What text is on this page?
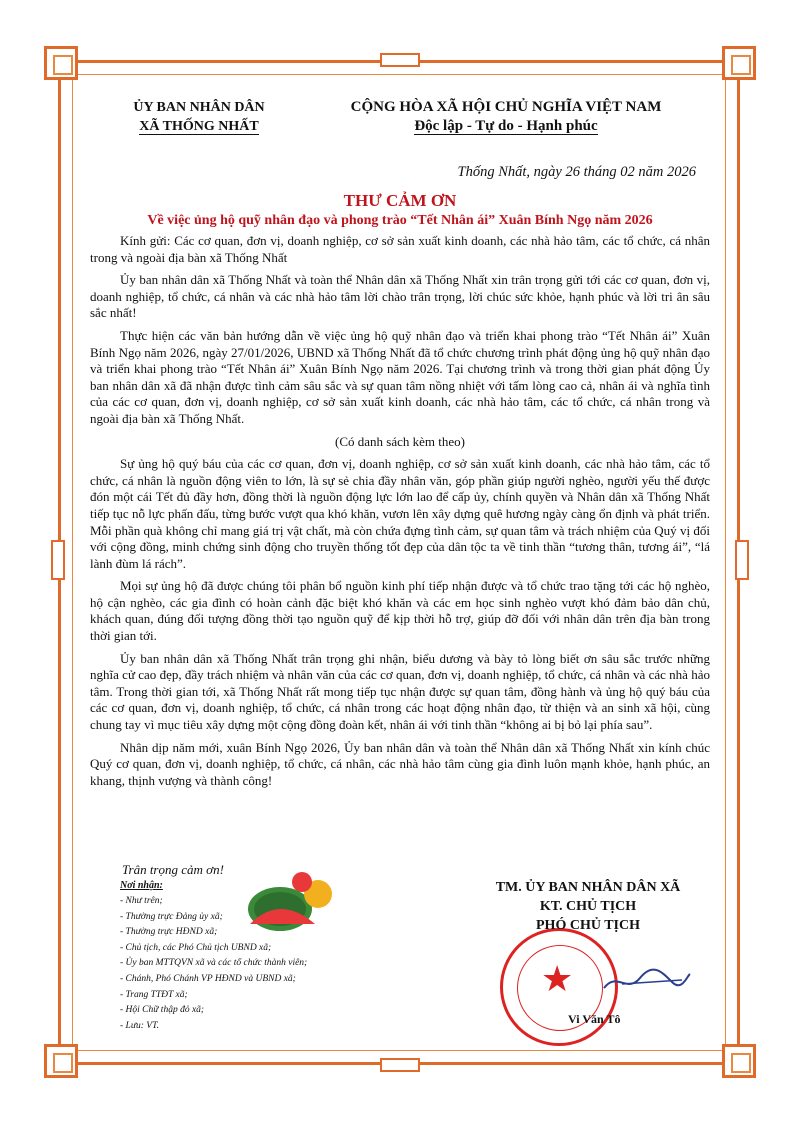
ỦY BAN NHÂN DÂN
XÃ THỐNG NHẤT
CỘNG HÒA XÃ HỘI CHỦ NGHĨA VIỆT NAM
Độc lập - Tự do - Hạnh phúc
Thống Nhất, ngày 26 tháng 02 năm 2026
THƯ CẢM ƠN
Về việc ủng hộ quỹ nhân đạo và phong trào “Tết Nhân ái” Xuân Bính Ngọ năm 2026

Kính gửi: Các cơ quan, đơn vị, doanh nghiệp, cơ sở sản xuất kinh doanh, các nhà hảo tâm, các tổ chức, cá nhân trong và ngoài địa bàn xã Thống Nhất

Ủy ban nhân dân xã Thống Nhất và toàn thể Nhân dân xã Thống Nhất xin trân trọng gửi tới các cơ quan, đơn vị, doanh nghiệp, tổ chức, cá nhân và các nhà hảo tâm lời chào trân trọng, lời chúc sức khỏe, hạnh phúc và lời tri ân sâu sắc nhất!

Thực hiện các văn bản hướng dẫn về việc ủng hộ quỹ nhân đạo và triển khai phong trào “Tết Nhân ái” Xuân Bính Ngọ năm 2026, ngày 27/01/2026, UBND xã Thống Nhất đã tổ chức chương trình phát động ủng hộ quỹ nhân đạo và triển khai phong trào “Tết Nhân ái” Xuân Bính Ngọ năm 2026. Tại chương trình và trong thời gian phát động Ủy ban nhân dân xã đã nhận được tình cảm sâu sắc và sự quan tâm nồng nhiệt với tấm lòng cao cả, nhân ái và nghĩa tình của các cơ quan, đơn vị, doanh nghiệp, cơ sở sản xuất kinh doanh, các nhà hảo tâm, các tổ chức, cá nhân trong và ngoài địa bàn xã Thống Nhất.

(Có danh sách kèm theo)

Sự ủng hộ quý báu của các cơ quan, đơn vị, doanh nghiệp, cơ sở sản xuất kinh doanh, các nhà hảo tâm, các tổ chức, cá nhân là nguồn động viên to lớn, là sự sẻ chia đầy nhân văn, góp phần giúp người nghèo, người yếu thế được đón một cái Tết đủ đầy hơn, đồng thời là nguồn động lực lớn lao để cấp ủy, chính quyền và Nhân dân xã Thống Nhất tiếp tục nỗ lực phấn đấu, từng bước vượt qua khó khăn, vươn lên xây dựng quê hương ngày càng ổn định và phát triển. Mỗi phần quà không chỉ mang giá trị vật chất, mà còn chứa đựng tình cảm, sự quan tâm và trách nhiệm của Quý vị đối với cộng đồng, minh chứng sinh động cho truyền thống tốt đẹp của dân tộc ta về tinh thần “tương thân, tương ái”, “lá lành đùm lá rách”.

Mọi sự ủng hộ đã được chúng tôi phân bổ nguồn kinh phí tiếp nhận được và tổ chức trao tặng tới các hộ nghèo, hộ cận nghèo, các gia đình có hoàn cảnh đặc biệt khó khăn và các em học sinh nghèo vượt khó đảm bảo dân chủ, khách quan, đúng đối tượng đồng thời tạo nguồn quỹ để kịp thời hỗ trợ, giúp đỡ đối với nhân dân trên địa bàn trong thời gian tới.

Ủy ban nhân dân xã Thống Nhất trân trọng ghi nhận, biểu dương và bày tỏ lòng biết ơn sâu sắc trước những nghĩa cử cao đẹp, đầy trách nhiệm và nhân văn của các cơ quan, đơn vị, doanh nghiệp, tổ chức, cá nhân và các nhà hảo tâm. Trong thời gian tới, xã Thống Nhất rất mong tiếp tục nhận được sự quan tâm, đồng hành và ủng hộ quý báu của các cơ quan, đơn vị, doanh nghiệp, tổ chức, cá nhân trong các hoạt động nhân đạo, từ thiện và an sinh xã hội, cùng chung tay vì mục tiêu xây dựng một cộng đồng đoàn kết, nhân ái với tinh thần “không ai bị bỏ lại phía sau”.

Nhân dịp năm mới, xuân Bính Ngọ 2026, Ủy ban nhân dân và toàn thể Nhân dân xã Thống Nhất xin kính chúc Quý cơ quan, đơn vị, doanh nghiệp, tổ chức, cá nhân, các nhà hảo tâm cùng gia đình luôn mạnh khỏe, hạnh phúc, an khang, thịnh vượng và thành công!

Trân trọng cảm ơn!
Nơi nhận:
- Như trên;
- Thường trực Đảng ủy xã;
- Thường trực HĐND xã;
- Chủ tịch, các Phó Chủ tịch UBND xã;
- Ủy ban MTTQVN xã và các tổ chức thành viên;
- Chánh, Phó Chánh VP HĐND và UBND xã;
- Trang TTĐT xã;
- Hội Chữ thập đỏ xã;
- Lưu: VT.
★
TM. ỦY BAN NHÂN DÂN XÃ
KT. CHỦ TỊCH
PHÓ CHỦ TỊCH
Vi Văn Tô
